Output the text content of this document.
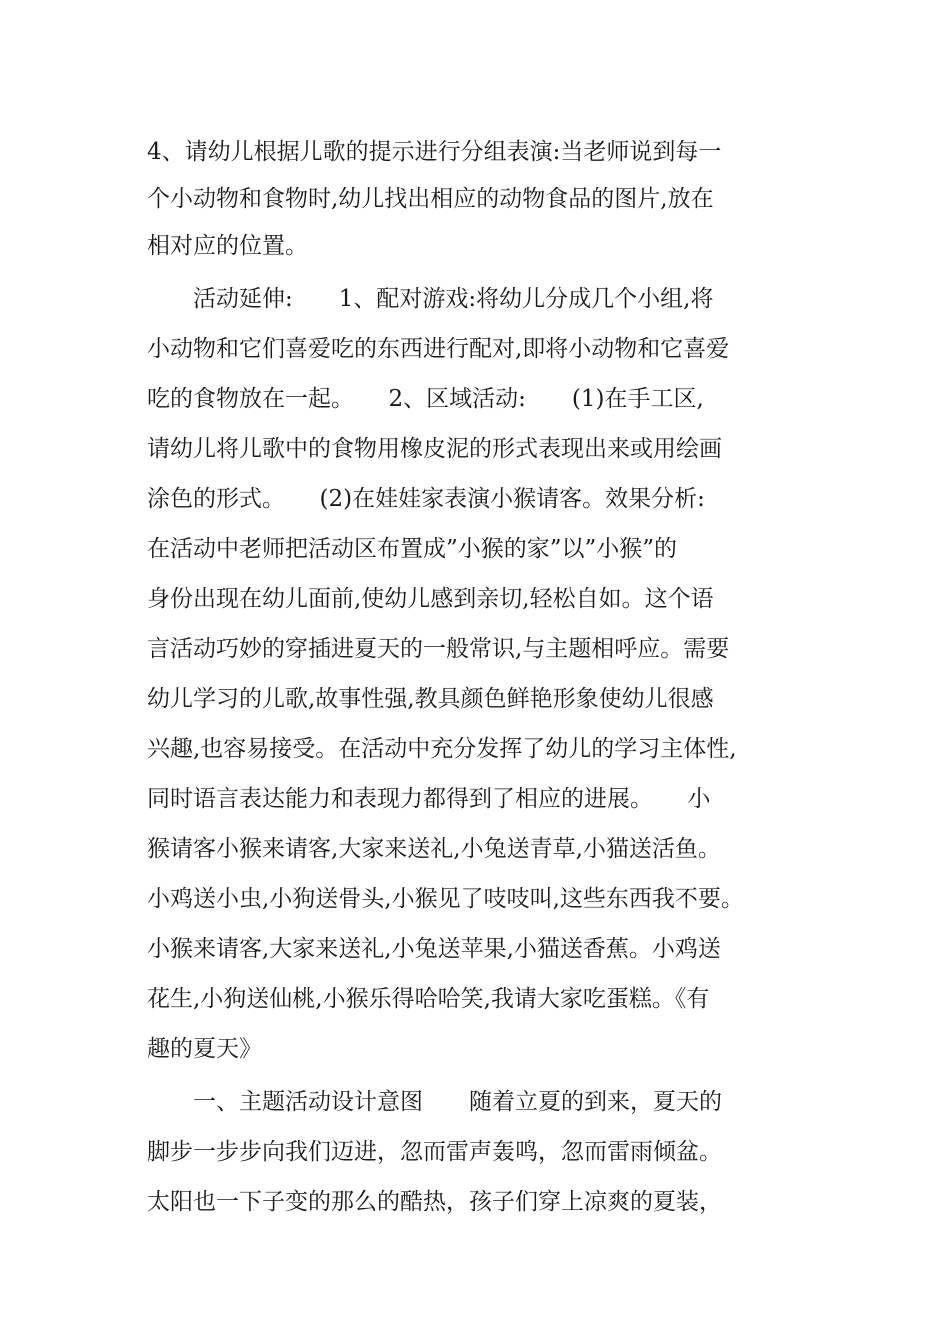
4、请幼儿根据儿歌的提示进行分组表演:当老师说到每一
个小动物和食物时,幼儿找出相应的动物食品的图片,放在
相对应的位置。
　　活动延伸:　　1、配对游戏:将幼儿分成几个小组,将
小动物和它们喜爱吃的东西进行配对,即将小动物和它喜爱
吃的食物放在一起。　　2、区域活动:　　(1)在手工区,
请幼儿将儿歌中的食物用橡皮泥的形式表现出来或用绘画
涂色的形式。　　(2)在娃娃家表演小猴请客。效果分析:
在活动中老师把活动区布置成”小猴的家”以”小猴”的
身份出现在幼儿面前,使幼儿感到亲切,轻松自如。这个语
言活动巧妙的穿插进夏天的一般常识,与主题相呼应。需要
幼儿学习的儿歌,故事性强,教具颜色鲜艳形象使幼儿很感
兴趣,也容易接受。在活动中充分发挥了幼儿的学习主体性,
同时语言表达能力和表现力都得到了相应的进展。　　小
猴请客小猴来请客,大家来送礼,小兔送青草,小猫送活鱼。
小鸡送小虫,小狗送骨头,小猴见了吱吱叫,这些东西我不要。
小猴来请客,大家来送礼,小兔送苹果,小猫送香蕉。小鸡送
花生,小狗送仙桃,小猴乐得哈哈笑,我请大家吃蛋糕。《有
趣的夏天》
　　一、主题活动设计意图　　随着立夏的到来，夏天的
脚步一步步向我们迈进，忽而雷声轰鸣，忽而雷雨倾盆。
太阳也一下子变的那么的酷热，孩子们穿上凉爽的夏装，
